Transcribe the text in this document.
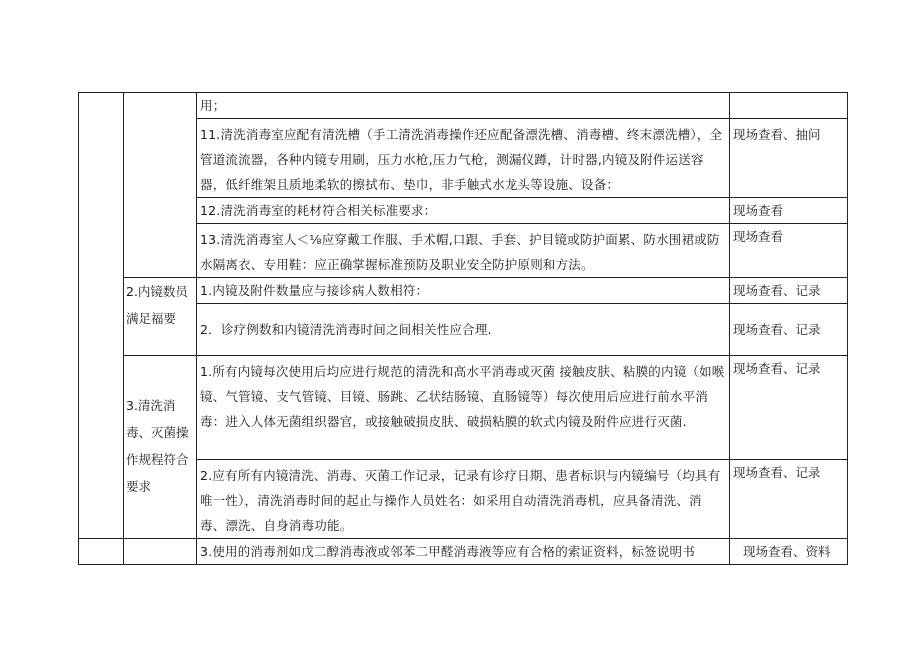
		用；	

		11.清洗消毒室应配有清洗槽（手工清洗消毒操作还应配备漂洗槽、消毒槽、终末漂洗槽），全管道流流器，各种内镜专用刷，压力水枪,压力气枪，测漏仪蹲，计时器,内镜及附件运送容器，低纤维架且质地柔软的擦拭布、垫巾，非手触式水龙头等设施、设备：	现场查看、抽问

		12.清洗消毒室的耗材符合相关标准要求：	现场查看

		13.清洗消毒室人＜⅛应穿戴工作服、手术帽,口跟、手套、护目镜或防护面累、防水围裙或防水隔离衣、专用鞋：应正确掌握标准预防及职业安全防护原则和方法。	现场查看

	2.内镜数员满足福要	1.内镜及附件数量应与接诊病人数相符：	现场查看、记录

		2．诊疗例数和内镜清洗消毒时间之间相关性应合理.	现场查看、记录

	3.清洗消毒、灭菌操作规程符合要求	1.所有内镜每次使用后均应进行规范的清洗和高水平消毒或灭菌 接触皮肤、粘膜的内镜（如喉镜、气管镜、支气管镜、目镜、肠跳、乙状结肠镜、直肠镜等）每次使用后应进行前水平消毒：进入人体无菌组织器官，或接触破损皮肤、破损粘膜的软式内镜及附件应进行灭菌.	现场查看、记录

		2.应有所有内镜清洗、消毒、灭菌工作记录，记录有诊疗日期、患者标识与内镜编号（均具有唯一性），清洗消毒时间的起止与操作人员姓名：如采用自动清洗消毒机，应具备清洗、消毒、漂洗、自身消毒功能。	现场查看、记录

		3.使用的消毒剂如戊二醇消毒液或邻苯二甲醛消毒液等应有合格的索证资料，标签说明书	现场查看、资料
